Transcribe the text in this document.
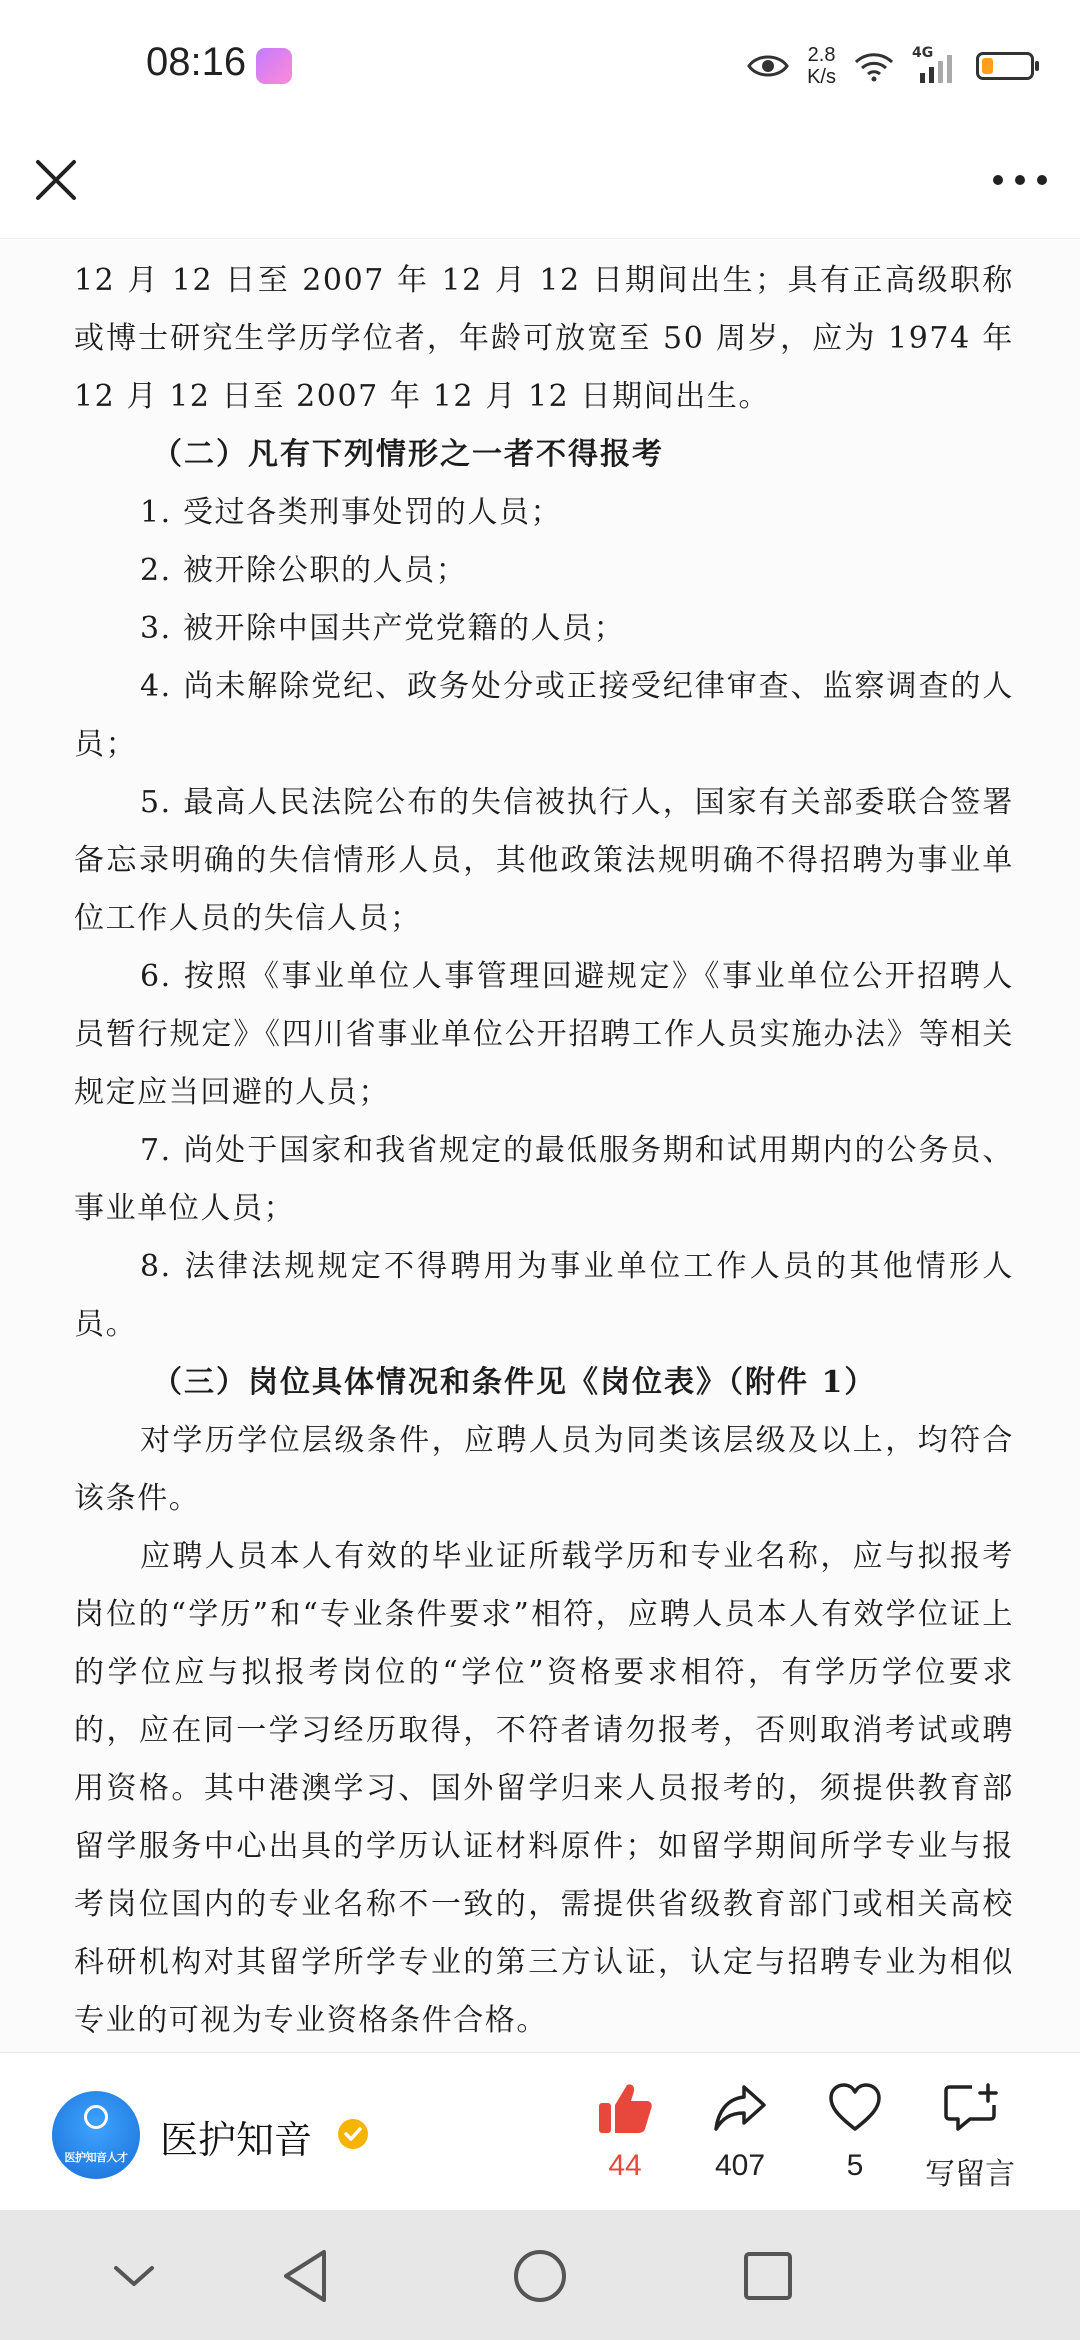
08:16	2.8
K/s
4G

12 月 12 日至 2007 年 12 月 12 日期间出生；具有正高级职称或博士研究生学历学位者，年龄可放宽至 50 周岁，应为 1974 年 12 月 12 日至 2007 年 12 月 12 日期间出生。

（二）凡有下列情形之一者不得报考

1. 受过各类刑事处罚的人员；

2. 被开除公职的人员；

3. 被开除中国共产党党籍的人员；

4. 尚未解除党纪、政务处分或正接受纪律审查、监察调查的人员；

5. 最高人民法院公布的失信被执行人，国家有关部委联合签署备忘录明确的失信情形人员，其他政策法规明确不得招聘为事业单位工作人员的失信人员；

6. 按照《事业单位人事管理回避规定》《事业单位公开招聘人员暂行规定》《四川省事业单位公开招聘工作人员实施办法》等相关规定应当回避的人员；

7. 尚处于国家和我省规定的最低服务期和试用期内的公务员、事业单位人员；

8. 法律法规规定不得聘用为事业单位工作人员的其他情形人员。

（三）岗位具体情况和条件见《岗位表》（附件 1）

对学历学位层级条件，应聘人员为同类该层级及以上，均符合该条件。

应聘人员本人有效的毕业证所载学历和专业名称，应与拟报考岗位的“学历”和“专业条件要求”相符，应聘人员本人有效学位证上的学位应与拟报考岗位的“学位”资格要求相符，有学历学位要求的，应在同一学习经历取得，不符者请勿报考，否则取消考试或聘用资格。其中港澳学习、国外留学归来人员报考的，须提供教育部留学服务中心出具的学历认证材料原件；如留学期间所学专业与报考岗位国内的专业名称不一致的，需提供省级教育部门或相关高校科研机构对其留学所学专业的第三方认证，认定与招聘专业为相似专业的可视为专业资格条件合格。

医护知音人才 医护知音
44	407	5	写留言
